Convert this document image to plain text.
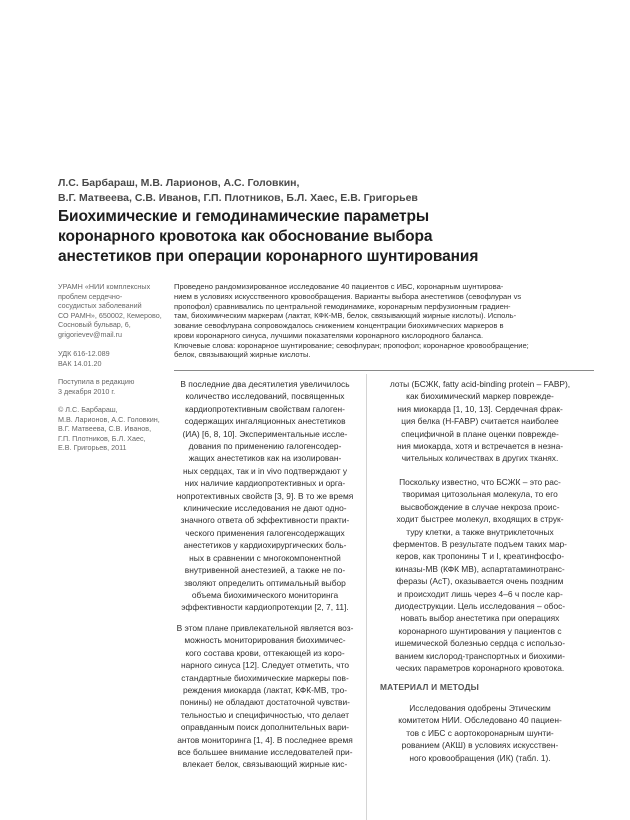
Л.С. Барбараш, М.В. Ларионов, А.С. Головкин,
В.Г. Матвеева, С.В. Иванов, Г.П. Плотников, Б.Л. Хаес, Е.В. Григорьев
Биохимические и гемодинамические параметры
коронарного кровотока как обоснование выбора
анестетиков при операции коронарного шунтирования
УРАМН «НИИ комплексных
проблем сердечно-
сосудистых заболеваний
СО РАМН», 650002, Кемерово,
Сосновый бульвар, 6,
grigorievev@mail.ru
УДК 616-12.089
ВАК 14.01.20
Поступила в редакцию
3 декабря 2010 г.
© Л.С. Барбараш,
М.В. Ларионов, А.С. Головкин,
В.Г. Матвеева, С.В. Иванов,
Г.П. Плотников, Б.Л. Хаес,
Е.В. Григорьев, 2011
Проведено рандомизированное исследование 40 пациентов с ИБС, коронарным шунтирова-
нием в условиях искусственного кровообращения. Варианты выбора анестетиков (севофлуран vs
пропофол) сравнивались по центральной гемодинамике, коронарным перфузионным градиен-
там, биохимическим маркерам (лактат, КФК-МВ, белок, связывающий жирные кислоты). Исполь-
зование севофлурана сопровождалось снижением концентрации биохимических маркеров в
крови коронарного синуса, лучшими показателями коронарного кислородного баланса.
Ключевые слова: коронарное шунтирование; севофлуран; пропофол; коронарное кровообращение;
белок, связывающий жирные кислоты.
В последние два десятилетия увеличилось
количество исследований, посвященных
кардиопротективным свойствам галоген-
содержащих ингаляционных анестетиков
(ИА) [6, 8, 10]. Экспериментальные иссле-
дования по применению галогенсодер-
жащих анестетиков как на изолирован-
ных сердцах, так и in vivo подтверждают у
них наличие кардиопротективных и орга-
нопротективных свойств [3, 9]. В то же время
клинические исследования не дают одно-
значного ответа об эффективности практи-
ческого применения галогенсодержащих
анестетиков у кардиохирургических боль-
ных в сравнении с многокомпонентной
внутривенной анестезией, а также не по-
зволяют определить оптимальный выбор
объема биохимического мониторинга
эффективности кардиопротекции [2, 7, 11].
В этом плане привлекательной является воз-
можность мониторирования биохимичес-
кого состава крови, оттекающей из коро-
нарного синуса [12]. Следует отметить, что
стандартные биохимические маркеры пов-
реждения миокарда (лактат, КФК-МВ, тро-
понины) не обладают достаточной чувстви-
тельностью и специфичностью, что делает
оправданным поиск дополнительных вари-
антов мониторинга [1, 4]. В последнее время
все большее внимание исследователей при-
влекает белок, связывающий жирные кис-
лоты (БСЖК, fatty acid-binding protein – FABP),
как биохимический маркер поврежде-
ния миокарда [1, 10, 13]. Сердечная фрак-
ция белка (H-FABP) считается наиболее
специфичной в плане оценки поврежде-
ния миокарда, хотя и встречается в незна-
чительных количествах в других тканях.
Поскольку известно, что БСЖК – это рас-
творимая цитозольная молекула, то его
высвобождение в случае некроза проис-
ходит быстрее молекул, входящих в струк-
туру клетки, а также внутриклеточных
ферментов. В результате подъем таких мар-
керов, как тропонины Т и I, креатинфосфо-
киназы-МВ (КФК МВ), аспартатаминотранс-
феразы (АсТ), оказывается очень поздним
и происходит лишь через 4–6 ч после кар-
диодеструкции. Цель исследования – обос-
новать выбор анестетика при операциях
коронарного шунтирования у пациентов с
ишемической болезнью сердца с использо-
ванием кислород-транспортных и биохими-
ческих параметров коронарного кровотока.
МАТЕРИАЛ И МЕТОДЫ
Исследования одобрены Этическим
комитетом НИИ. Обследовано 40 пациен-
тов с ИБС с аортокоронарным шунти-
рованием (АКШ) в условиях искусствен-
ного кровообращения (ИК) (табл. 1).
